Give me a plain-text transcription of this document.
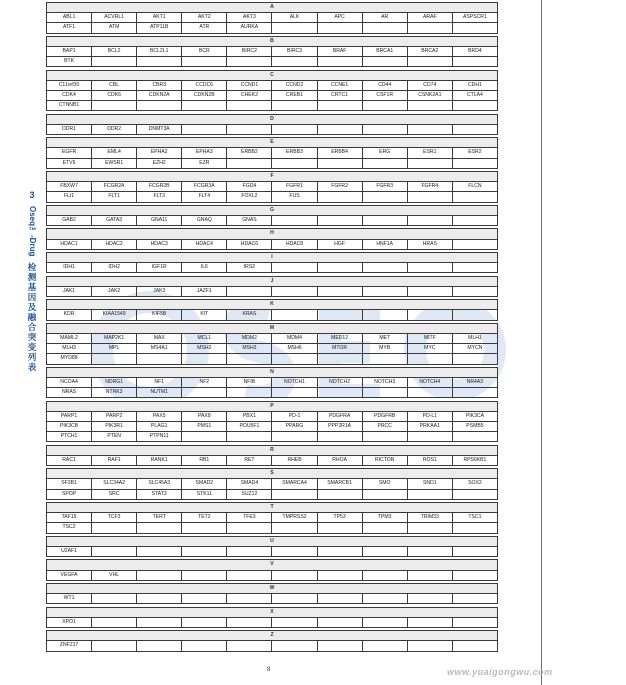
3
Oseq™-Drug
检
测
基
因
及
融
合
突
变
列
表
A									
ABL1	ACVRL1	AKT1	AKT2	AKT3	ALK	APC	AR	ARAF	ASPSCR1
ATF1	ATM	ATP11B	ATR	AURKA					

B									
BAP1	BCL2	BCL2L1	BCR	BIRC2	BIRC3	BRAF	BRCA1	BRCA2	BRD4
BTK									

C									
C11orf30	CBL	CBR3	CCDC6	CCND1	CCND2	CCNE1	CD44	CD74	CDH1
CDK4	CDK6	CDKN2A	CDKN2B	CHEK2	CREB1	CRTC1	CSF1R	CSNK2A1	CTLA4
CTNNB1									

D									
DDR1	DDR2	DNMT3A							

E									
EGFR	EML4	EPHA2	EPHA3	ERBB2	ERBB3	ERBB4	ERG	ESR1	ESR2
ETV6	EWSR1	EZH2	EZR						

F									
FBXW7	FCGR2A	FCGR2B	FCGR3A	FGD4	FGFR1	FGFR2	FGFR3	FGFR4	FLCN
FLI1	FLT1	FLT3	FLT4	FOXL2	FUS				

G									
GAB2	GATA3	GNA11	GNAQ	GNAS					

H									
HDAC1	HDAC2	HDAC3	HDAC4	HDAC6	HDAC8	HGF	HNF1A	HRAS	

I									
IDH1	IDH2	IGF1R	IL6	IRS2					

J									
JAK1	JAK2	JAK3	JAZF1						

K									
KDR	KIAA1549	KIF5B	KIT	KRAS					

M									
MAML2	MAP2K1	MAX	MCL1	MDM2	MDM4	MED12	MET	MITF	MLH1
MLH3	MPL	MS4A1	MSH2	MSH3	MSH6	MTOR	MYB	MYC	MYCN
MYD88									

N									
NCOA4	NDRG1	NF1	NF2	NFIB	NOTCH1	NOTCH2	NOTCH3	NOTCH4	NR4A3
NRAS	NTRK3	NUTM1							

P									
PARP1	PARP2	PAX5	PAX8	PBX1	PD-1	PDGFRA	PDGFRB	PD-L1	PIK3CA
PIK3CB	PIK3R1	PLAG1	PMS1	POU5F1	PPARG	PPP2R1A	PRCC	PRKAA1	PSMB5
PTCH1	PTEN	PTPN11							

R									
RAC1	RAF1	RANK1	RB1	RET	RHEB	RHOA	RICTOR	ROS1	RPS6KB1

S									
SF3B1	SLC34A2	SLC45A3	SMAD2	SMAD4	SMARCA4	SMARCB1	SMO	SND1	SOX2
SPOP	SRC	STAT3	STK11	SUZ12					

T									
TAF15	TCF3	TERT	TET2	TFE3	TMPRSS2	TP53	TPM3	TRIM33	TSC1
TSC2									

U									
U2AF1									

V									
VEGFA	VHL								

W									
WT1									

X									
XPO1									

Z									
ZNF217									
8	www.yuaigongwu.com
